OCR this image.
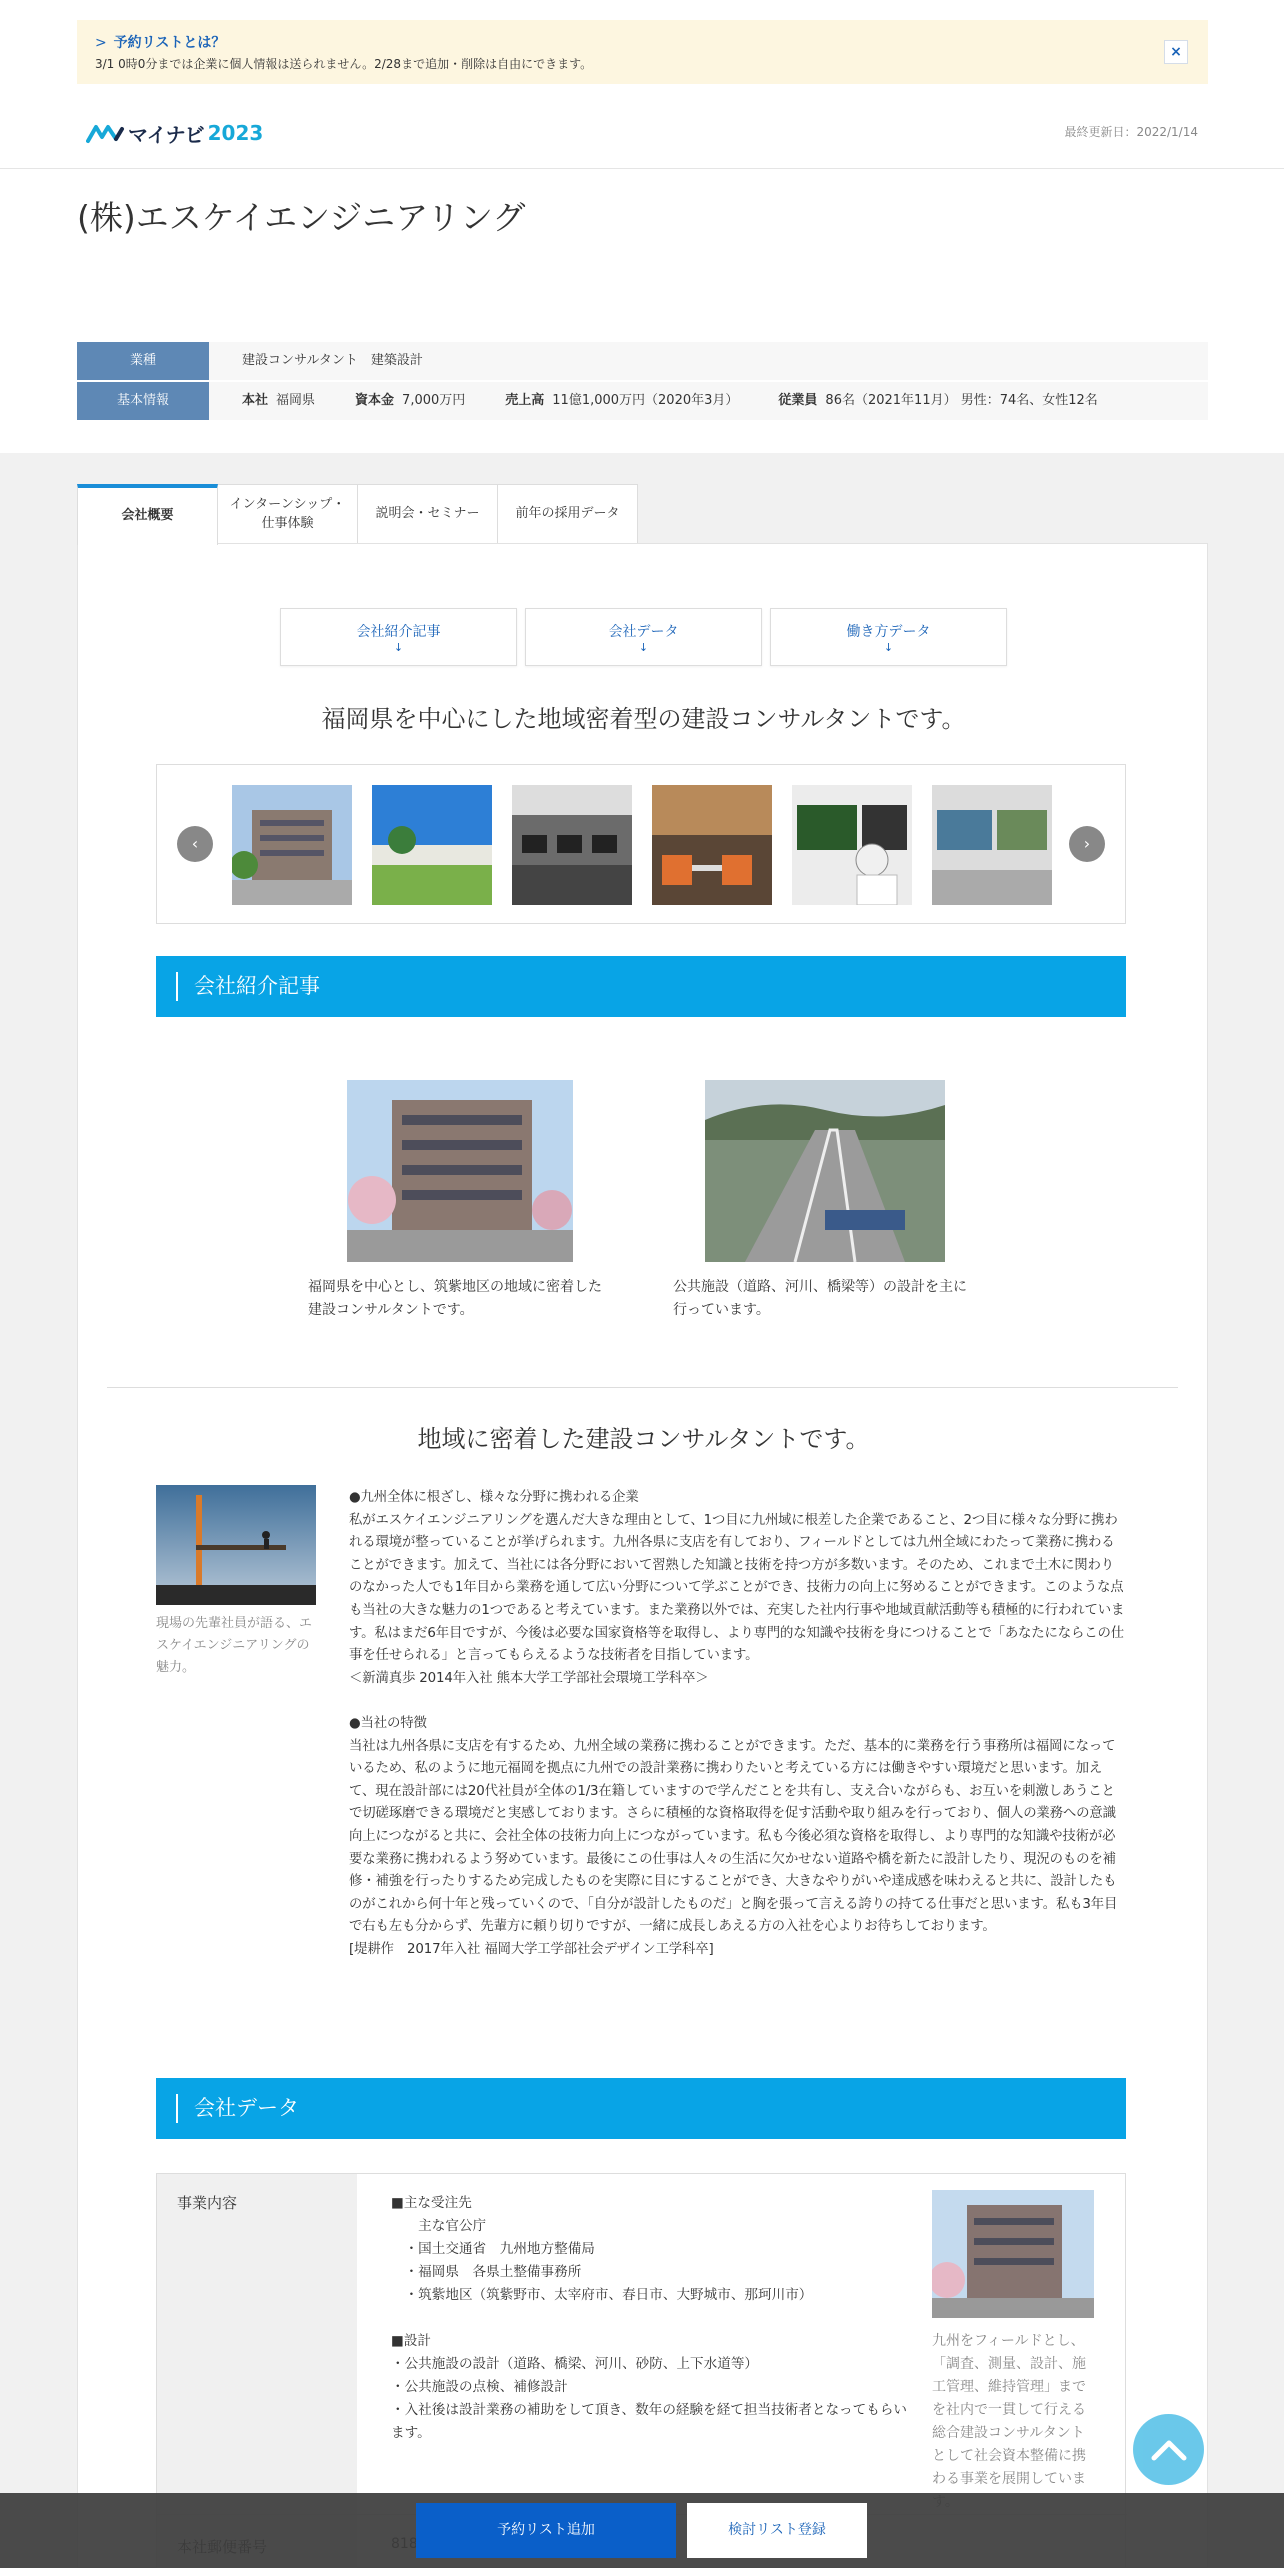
> 予約リストとは？
3/1 0時0分までは企業に個人情報は送られません。2/28まで追加・削除は自由にできます。
×
マイナビ 2023	最終更新日：2022/1/14
(株)エスケイエンジニアリング
業種	建設コンサルタント　建築設計
基本情報	本社 福岡県	資本金 7,000万円	売上高 11億1,000万円（2020年3月）	従業員 86名（2021年11月） 男性：74名、女性12名
会社概要
インターンシップ・
仕事体験
説明会・セミナー	前年の採用データ
会社紹介記事
↓
会社データ
↓
働き方データ
↓
福岡県を中心にした地域密着型の建設コンサルタントです。
‹	›
会社紹介記事
福岡県を中心とし、筑紫地区の地域に密着した建設コンサルタントです。
公共施設（道路、河川、橋梁等）の設計を主に行っています。
地域に密着した建設コンサルタントです。
現場の先輩社員が語る、エスケイエンジニアリングの魅力。
●九州全体に根ざし、様々な分野に携われる企業
私がエスケイエンジニアリングを選んだ大きな理由として、1つ目に九州域に根差した企業であること、2つ目に様々な分野に携われる環境が整っていることが挙げられます。九州各県に支店を有しており、フィールドとしては九州全域にわたって業務に携わることができます。加えて、当社には各分野において習熟した知識と技術を持つ方が多数います。そのため、これまで土木に関わりのなかった人でも1年目から業務を通して広い分野について学ぶことができ、技術力の向上に努めることができます。このような点も当社の大きな魅力の1つであると考えています。また業務以外では、充実した社内行事や地域貢献活動等も積極的に行われています。私はまだ6年目ですが、今後は必要な国家資格等を取得し、より専門的な知識や技術を身につけることで「あなたにならこの仕事を任せられる」と言ってもらえるような技術者を目指しています。
＜新満真歩 2014年入社 熊本大学工学部社会環境工学科卒＞

●当社の特徴
当社は九州各県に支店を有するため、九州全域の業務に携わることができます。ただ、基本的に業務を行う事務所は福岡になっているため、私のように地元福岡を拠点に九州での設計業務に携わりたいと考えている方には働きやすい環境だと思います。加えて、現在設計部には20代社員が全体の1/3在籍していますので学んだことを共有し、支え合いながらも、お互いを刺激しあうことで切磋琢磨できる環境だと実感しております。さらに積極的な資格取得を促す活動や取り組みを行っており、個人の業務への意識向上につながると共に、会社全体の技術力向上につながっています。私も今後必須な資格を取得し、より専門的な知識や技術が必要な業務に携われるよう努めています。最後にこの仕事は人々の生活に欠かせない道路や橋を新たに設計したり、現況のものを補修・補強を行ったりするため完成したものを実際に目にすることができ、大きなやりがいや達成感を味わえると共に、設計したものがこれから何十年と残っていくので、「自分が設計したものだ」と胸を張って言える誇りの持てる仕事だと思います。私も3年目で右も左も分からず、先輩方に頼り切りですが、一緒に成長しあえる方の入社を心よりお待ちしております。
[堤耕作　2017年入社 福岡大学工学部社会デザイン工学科卒]
会社データ
事業内容	■主な受注先
　　主な官公庁
　・国土交通省　九州地方整備局
　・福岡県　各県土整備事務所
　・筑紫地区（筑紫野市、太宰府市、春日市、大野城市、那珂川市）

■設計
・公共施設の設計（道路、橋梁、河川、砂防、上下水道等）
・公共施設の点検、補修設計
・入社後は設計業務の補助をして頂き、数年の経験を経て担当技術者となってもらいます。
九州をフィールドとし、「調査、測量、設計、施工管理、維持管理」までを社内で一貫して行える総合建設コンサルタントとして社会資本整備に携わる事業を展開していま
予約リスト追加	検討リスト登録
